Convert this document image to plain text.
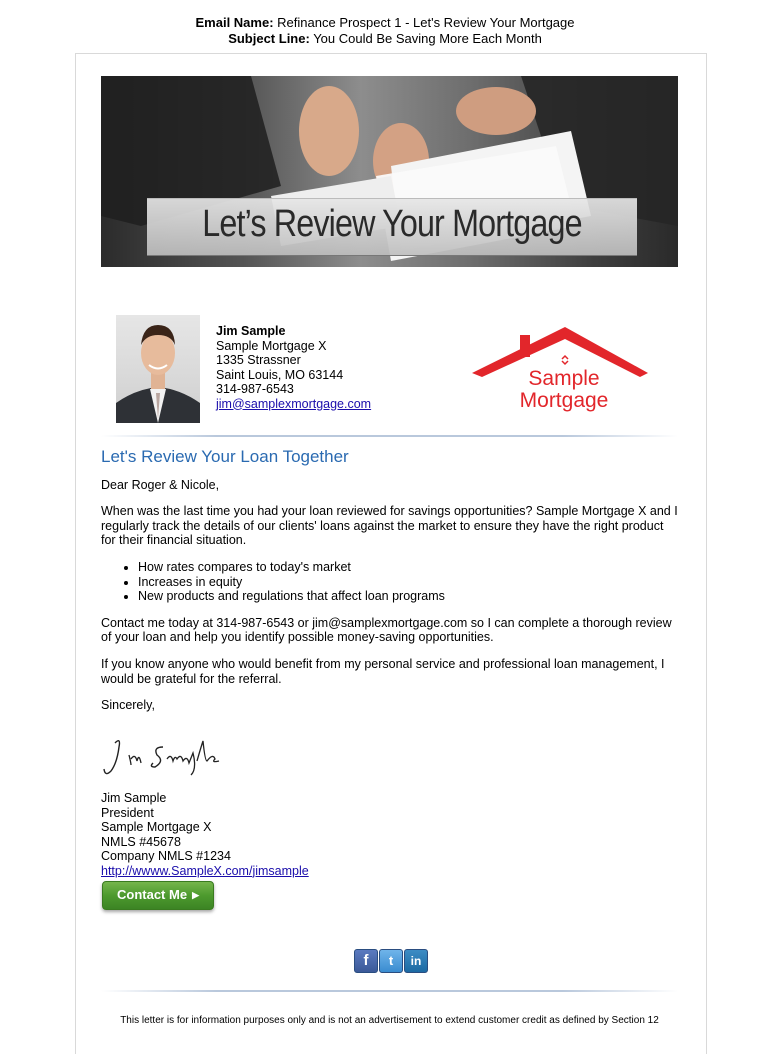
Email Name: Refinance Prospect 1 - Let's Review Your Mortgage
Subject Line: You Could Be Saving More Each Month
Let’s Review Your Mortgage
Jim Sample
Sample Mortgage X
1335 Strassner
Saint Louis, MO 63144
314-987-6543
jim@samplexmortgage.com
Sample
Mortgage
Let's Review Your Loan Together

Dear Roger & Nicole,

When was the last time you had your loan reviewed for savings opportunities? Sample Mortgage X and I regularly track the details of our clients' loans against the market to ensure they have the right product for their financial situation.

• How rates compares to today's market
• Increases in equity
• New products and regulations that affect loan programs

Contact me today at 314-987-6543 or jim@samplexmortgage.com so I can complete a thorough review of your loan and help you identify possible money-saving opportunities.

If you know anyone who would benefit from my personal service and professional loan management, I would be grateful for the referral.

Sincerely,

Jim Sample
President
Sample Mortgage X
NMLS #45678
Company NMLS #1234
http://wwww.SampleX.com/jimsample
Contact Me ▶
f	t	in
This letter is for information purposes only and is not an advertisement to extend customer credit as defined by Section 12
